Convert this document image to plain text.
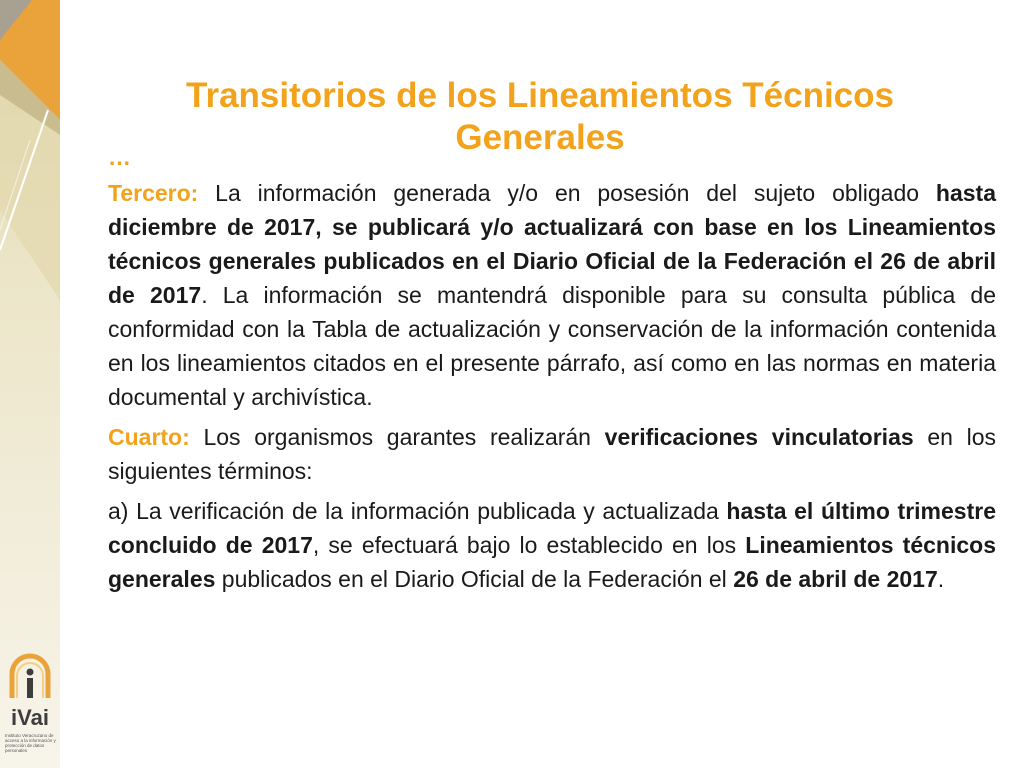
Transitorios de los Lineamientos Técnicos Generales

…

Tercero: La información generada y/o en posesión del sujeto obligado hasta diciembre de 2017, se publicará y/o actualizará con base en los Lineamientos técnicos generales publicados en el Diario Oficial de la Federación el 26 de abril de 2017. La información se mantendrá disponible para su consulta pública de conformidad con la Tabla de actualización y conservación de la información contenida en los lineamientos citados en el presente párrafo, así como en las normas en materia documental y archivística.

Cuarto: Los organismos garantes realizarán verificaciones vinculatorias en los siguientes términos:

a) La verificación de la información publicada y actualizada hasta el último trimestre concluido de 2017, se efectuará bajo lo establecido en los Lineamientos técnicos generales publicados en el Diario Oficial de la Federación el 26 de abril de 2017.

iVai
Instituto Veracruzano de acceso a la información y protección de datos personales
